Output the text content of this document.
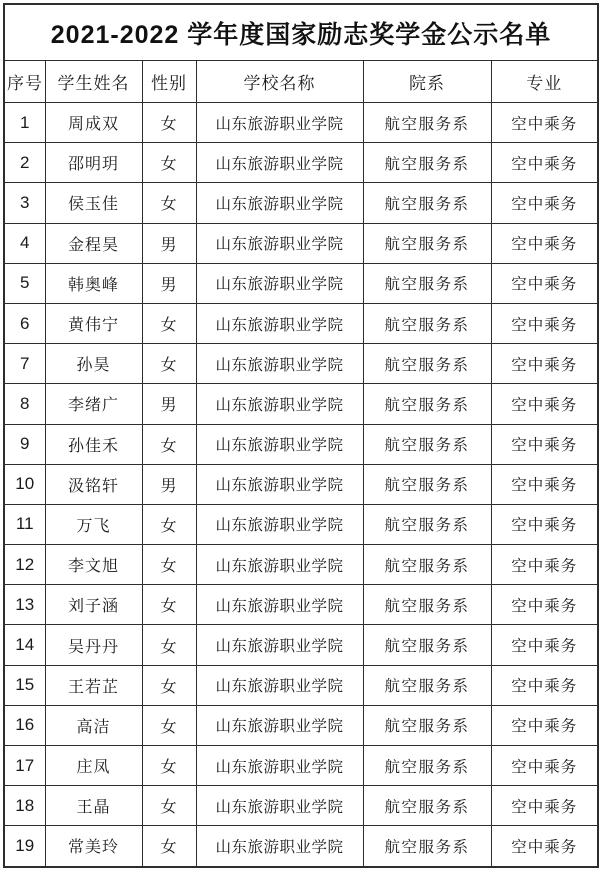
2021-2022 学年度国家励志奖学金公示名单					
序号	学生姓名	性别	学校名称	院系	专业
1	周成双	女	山东旅游职业学院	航空服务系	空中乘务
2	邵明玥	女	山东旅游职业学院	航空服务系	空中乘务
3	侯玉佳	女	山东旅游职业学院	航空服务系	空中乘务
4	金程昊	男	山东旅游职业学院	航空服务系	空中乘务
5	韩奥峰	男	山东旅游职业学院	航空服务系	空中乘务
6	黄伟宁	女	山东旅游职业学院	航空服务系	空中乘务
7	孙昊	女	山东旅游职业学院	航空服务系	空中乘务
8	李绪广	男	山东旅游职业学院	航空服务系	空中乘务
9	孙佳禾	女	山东旅游职业学院	航空服务系	空中乘务
10	汲铭轩	男	山东旅游职业学院	航空服务系	空中乘务
11	万飞	女	山东旅游职业学院	航空服务系	空中乘务
12	李文旭	女	山东旅游职业学院	航空服务系	空中乘务
13	刘子涵	女	山东旅游职业学院	航空服务系	空中乘务
14	吴丹丹	女	山东旅游职业学院	航空服务系	空中乘务
15	王若芷	女	山东旅游职业学院	航空服务系	空中乘务
16	高洁	女	山东旅游职业学院	航空服务系	空中乘务
17	庄凤	女	山东旅游职业学院	航空服务系	空中乘务
18	王晶	女	山东旅游职业学院	航空服务系	空中乘务
19	常美玲	女	山东旅游职业学院	航空服务系	空中乘务
